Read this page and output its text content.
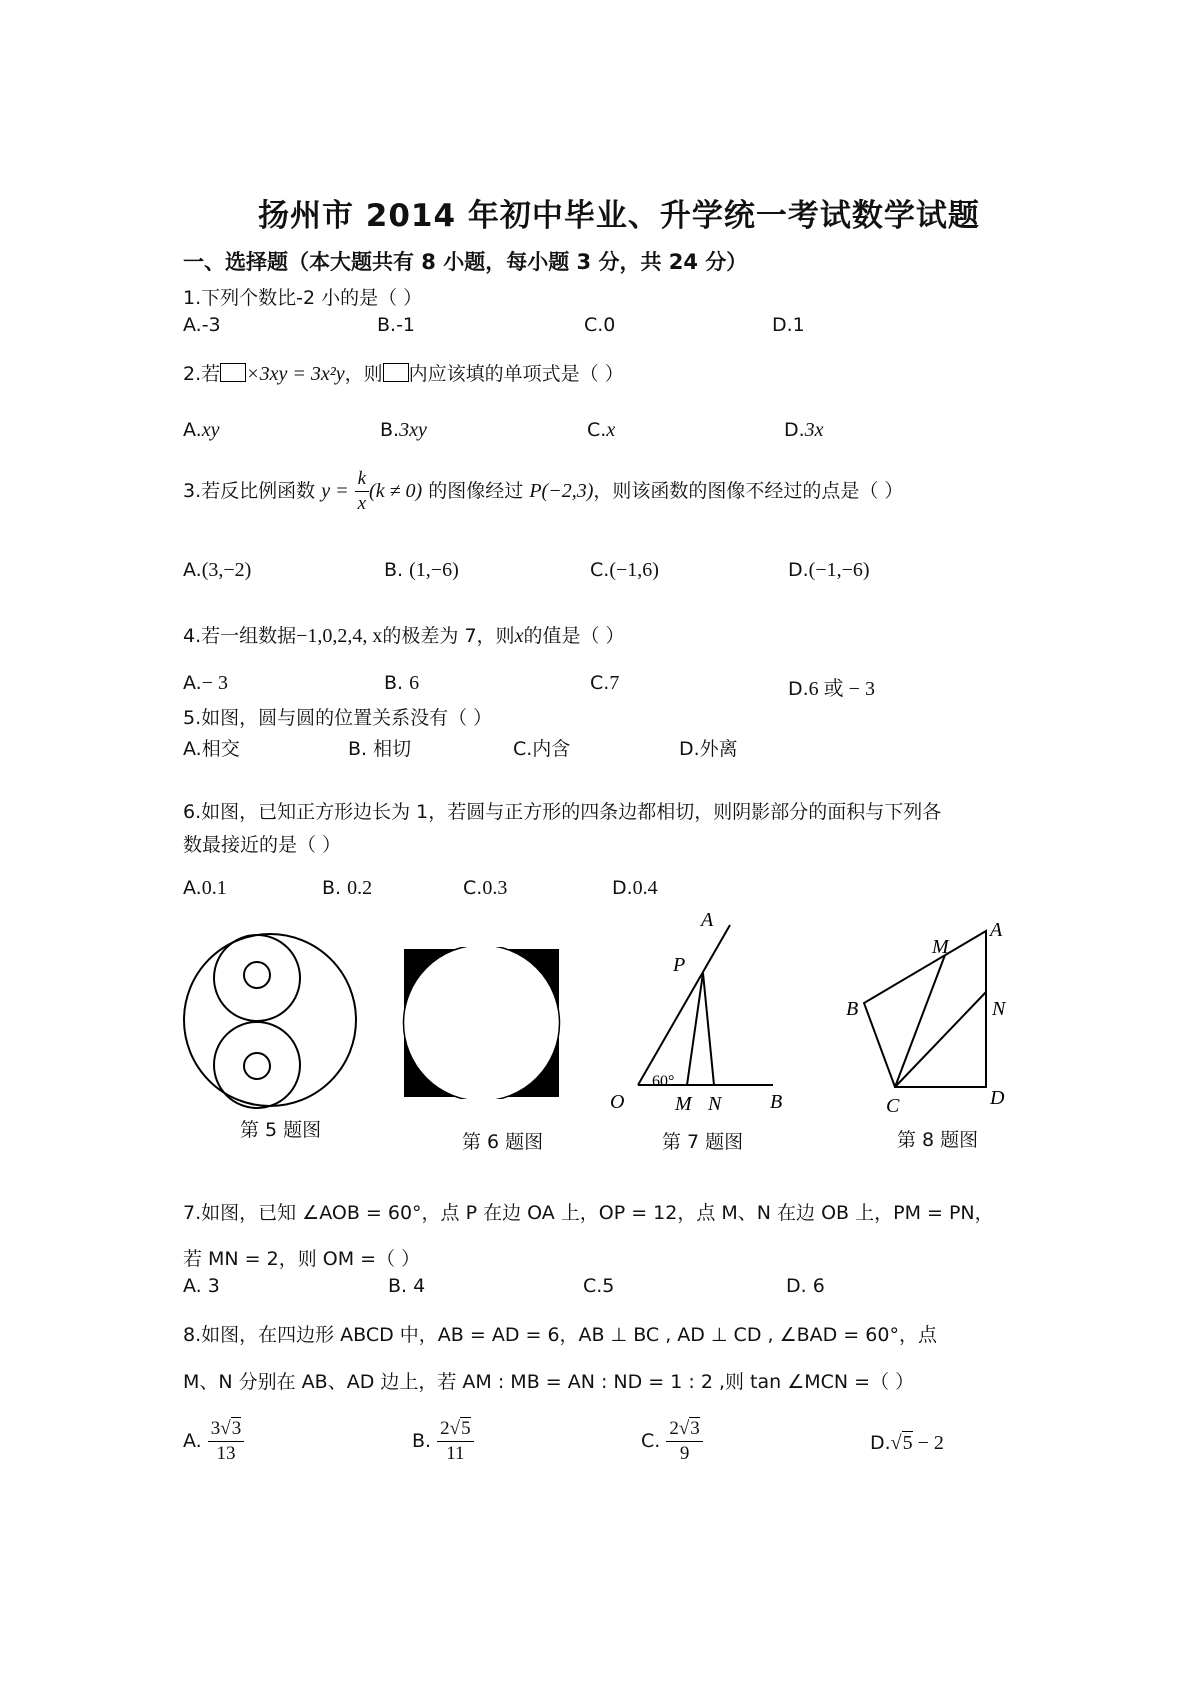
扬州市 2014 年初中毕业、升学统一考试数学试题
一、选择题（本大题共有 8 小题，每小题 3 分，共 24 分）
1.下列个数比-2 小的是（ ）
A.-3	B.-1	C.0	D.1
2.若 ×3xy = 3x²y，则 内应该填的单项式是（ ）
A.xy	B.3xy	C.x	D.3x
3.若反比例函数 $y = \frac{k}{x} (k \ne 0)$ 的图像经过 P(−2,3)，则该函数的图像不经过的点是（ ）
A.(3,−2)	B. (1,−6)	C.(−1,6)	D.(−1,−6)
4.若一组数据−1,0,2,4, x的极差为 7，则x的值是（ ）
A.− 3	B. 6	C.7	D.6 或 − 3
5.如图，圆与圆的位置关系没有（ ）
A.相交	B. 相切	C.内含	D.外离
6.如图，已知正方形边长为 1，若圆与正方形的四条边都相切，则阴影部分的面积与下列各
数最接近的是（ ）
A.0.1	B. 0.2	C.0.3	D.0.4
第 5 题图
第 6 题图
A
P
O	M N B
60°
第 7 题图
M
A
B	N
C	D
第 8 题图
7.如图，已知 ∠AOB = 60°，点 P 在边 OA 上，OP = 12，点 M、N 在边 OB 上，PM = PN，
若 MN = 2，则 OM =（ ）
A. 3	B. 4	C.5	D. 6
8.如图，在四边形 ABCD 中，AB = AD = 6，AB ⊥ BC , AD ⊥ CD , ∠BAD = 60°，点
M、N 分别在 AB、AD 边上，若 AM : MB = AN : ND = 1 : 2 ,则 tan ∠MCN =（ ）
A. $\frac{3√3}{13}$	B. $\frac{2√5}{11}$	C. $\frac{2√3}{9}$	D.√5 − 2
